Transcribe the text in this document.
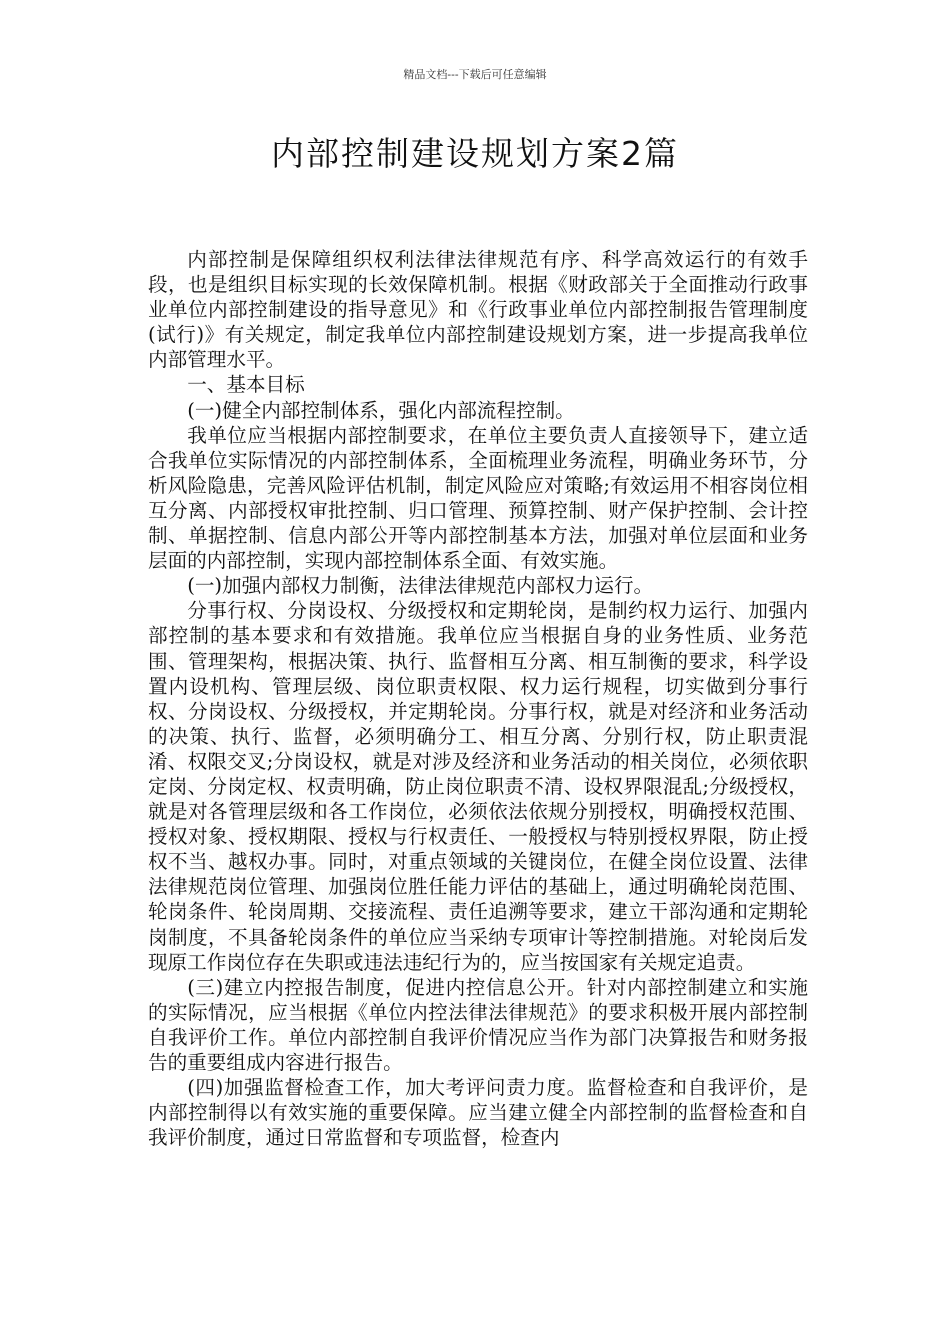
精品文档---下载后可任意编辑
内部控制建设规划方案2篇

内部控制是保障组织权利法律法律规范有序、科学高效运行的有效手段，也是组织目标实现的长效保障机制。根据《财政部关于全面推动行政事业单位内部控制建设的指导意见》和《行政事业单位内部控制报告管理制度(试行)》有关规定，制定我单位内部控制建设规划方案，进一步提高我单位内部管理水平。

一、基本目标

(一)健全内部控制体系，强化内部流程控制。

我单位应当根据内部控制要求，在单位主要负责人直接领导下，建立适合我单位实际情况的内部控制体系，全面梳理业务流程，明确业务环节，分析风险隐患，完善风险评估机制，制定风险应对策略;有效运用不相容岗位相互分离、内部授权审批控制、归口管理、预算控制、财产保护控制、会计控制、单据控制、信息内部公开等内部控制基本方法，加强对单位层面和业务层面的内部控制，实现内部控制体系全面、有效实施。

(一)加强内部权力制衡，法律法律规范内部权力运行。

分事行权、分岗设权、分级授权和定期轮岗，是制约权力运行、加强内部控制的基本要求和有效措施。我单位应当根据自身的业务性质、业务范围、管理架构，根据决策、执行、监督相互分离、相互制衡的要求，科学设置内设机构、管理层级、岗位职责权限、权力运行规程，切实做到分事行权、分岗设权、分级授权，并定期轮岗。分事行权，就是对经济和业务活动的决策、执行、监督，必须明确分工、相互分离、分别行权，防止职责混淆、权限交叉;分岗设权，就是对涉及经济和业务活动的相关岗位，必须依职定岗、分岗定权、权责明确，防止岗位职责不清、设权界限混乱;分级授权，就是对各管理层级和各工作岗位，必须依法依规分别授权，明确授权范围、授权对象、授权期限、授权与行权责任、一般授权与特别授权界限，防止授权不当、越权办事。同时，对重点领域的关键岗位，在健全岗位设置、法律法律规范岗位管理、加强岗位胜任能力评估的基础上，通过明确轮岗范围、轮岗条件、轮岗周期、交接流程、责任追溯等要求，建立干部沟通和定期轮岗制度，不具备轮岗条件的单位应当采纳专项审计等控制措施。对轮岗后发现原工作岗位存在失职或违法违纪行为的，应当按国家有关规定追责。

(三)建立内控报告制度，促进内控信息公开。针对内部控制建立和实施的实际情况，应当根据《单位内控法律法律规范》的要求积极开展内部控制自我评价工作。单位内部控制自我评价情况应当作为部门决算报告和财务报告的重要组成内容进行报告。

(四)加强监督检查工作，加大考评问责力度。监督检查和自我评价，是内部控制得以有效实施的重要保障。应当建立健全内部控制的监督检查和自我评价制度，通过日常监督和专项监督，检查内
